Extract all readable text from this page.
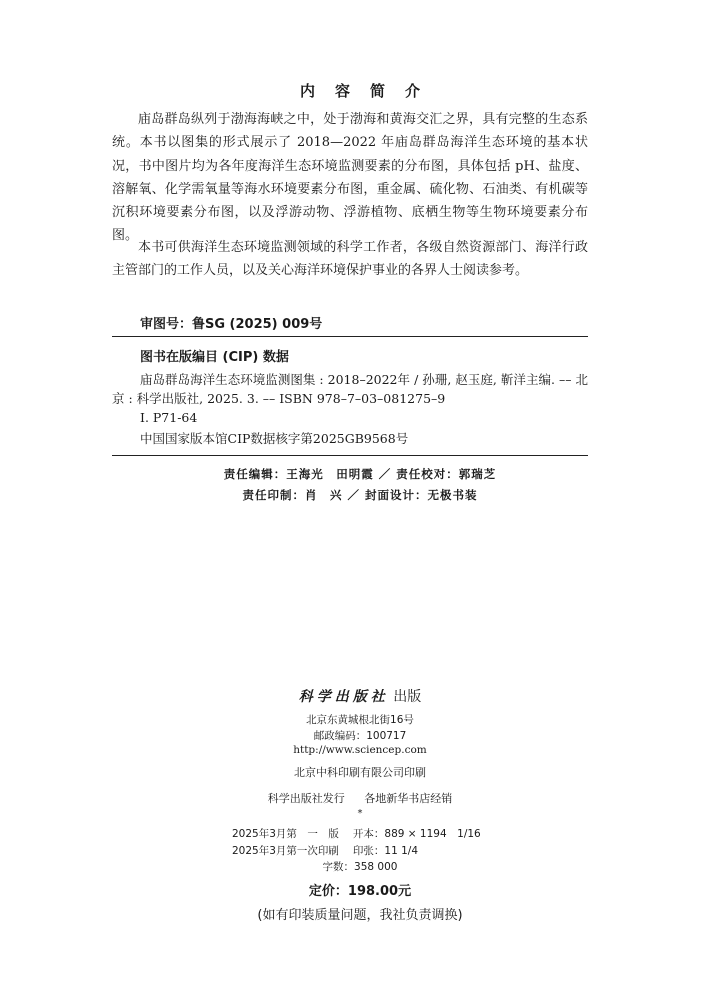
内容简介

庙岛群岛纵列于渤海海峡之中，处于渤海和黄海交汇之界，具有完整的生态系统。本书以图集的形式展示了 2018—2022 年庙岛群岛海洋生态环境的基本状况，书中图片均为各年度海洋生态环境监测要素的分布图，具体包括 pH、盐度、溶解氧、化学需氧量等海水环境要素分布图，重金属、硫化物、石油类、有机碳等沉积环境要素分布图，以及浮游动物、浮游植物、底栖生物等生物环境要素分布图。

本书可供海洋生态环境监测领域的科学工作者，各级自然资源部门、海洋行政主管部门的工作人员，以及关心海洋环境保护事业的各界人士阅读参考。

审图号：鲁SG (2025) 009号
图书在版编目 (CIP) 数据

庙岛群岛海洋生态环境监测图集 : 2018–2022年 / 孙珊, 赵玉庭, 靳洋主编. –– 北京 : 科学出版社, 2025. 3. –– ISBN 978–7–03–081275–9

Ⅰ. P71-64
中国国家版本馆CIP数据核字第2025GB9568号
责任编辑：王海光　田明霞 ／ 责任校对：郭瑞芝
责任印制：肖　兴 ／ 封面设计：无极书装
科学出版社 出版
北京东黄城根北街16号
邮政编码：100717
http://www.sciencep.com
北京中科印刷有限公司印刷
科学出版社发行 各地新华书店经销
*
2025年3月第　一　版 开本：889 × 1194　1/16
2025年3月第一次印刷 印张：11 1/4
字数：358 000
定价：198.00元
(如有印装质量问题，我社负责调换)
